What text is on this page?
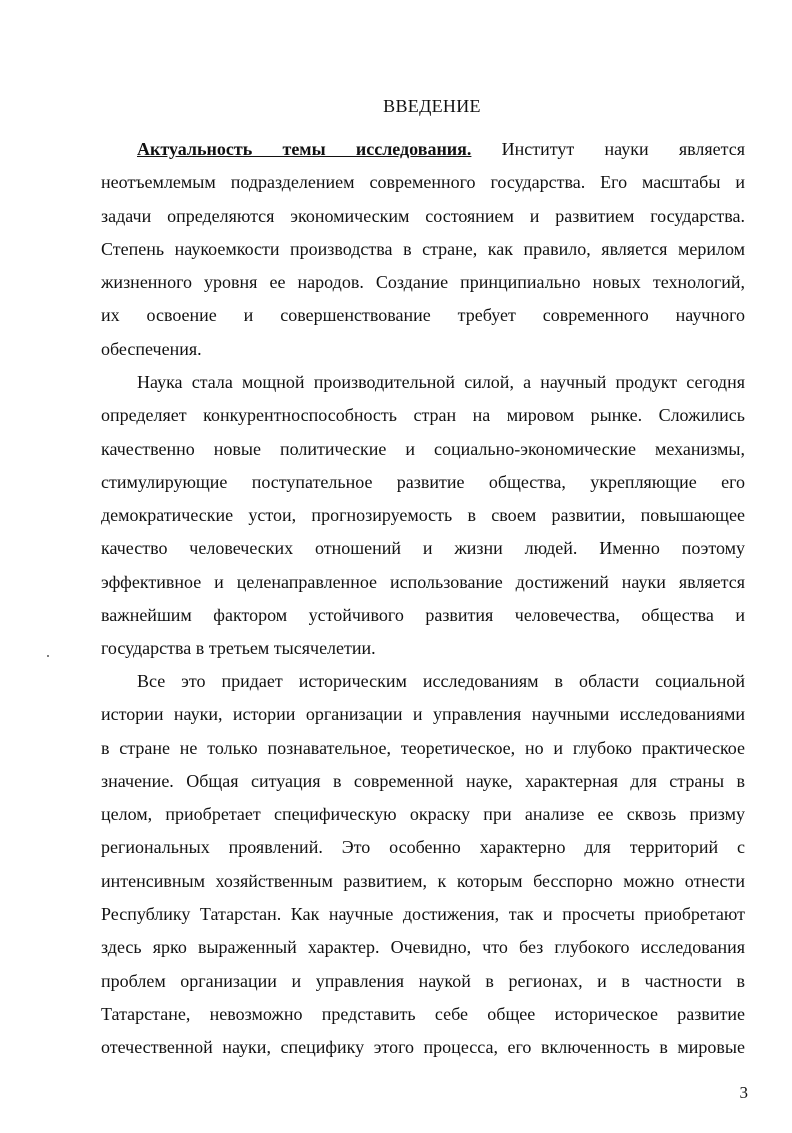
ВВЕДЕНИЕ
Актуальность темы исследования. Институт науки является
неотъемлемым подразделением современного государства. Его масштабы и
задачи определяются экономическим состоянием и развитием государства.
Степень наукоемкости производства в стране, как правило, является мерилом
жизненного уровня ее народов. Создание принципиально новых технологий,
их освоение и совершенствование требует современного научного
обеспечения.
Наука стала мощной производительной силой, а научный продукт сегодня
определяет конкурентноспособность стран на мировом рынке. Сложились
качественно новые политические и социально-экономические механизмы,
стимулирующие поступательное развитие общества, укрепляющие его
демократические устои, прогнозируемость в своем развитии, повышающее
качество человеческих отношений и жизни людей. Именно поэтому
эффективное и целенаправленное использование достижений науки является
важнейшим фактором устойчивого развития человечества, общества и
государства в третьем тысячелетии.
Все это придает историческим исследованиям в области социальной
истории науки, истории организации и управления научными исследованиями
в стране не только познавательное, теоретическое, но и глубоко практическое
значение. Общая ситуация в современной науке, характерная для страны в
целом, приобретает специфическую окраску при анализе ее сквозь призму
региональных проявлений. Это особенно характерно для территорий с
интенсивным хозяйственным развитием, к которым бесспорно можно отнести
Республику Татарстан. Как научные достижения, так и просчеты приобретают
здесь ярко выраженный характер. Очевидно, что без глубокого исследования
проблем организации и управления наукой в регионах, и в частности в
Татарстане, невозможно представить себе общее историческое развитие
отечественной науки, специфику этого процесса, его включенность в мировые
3
